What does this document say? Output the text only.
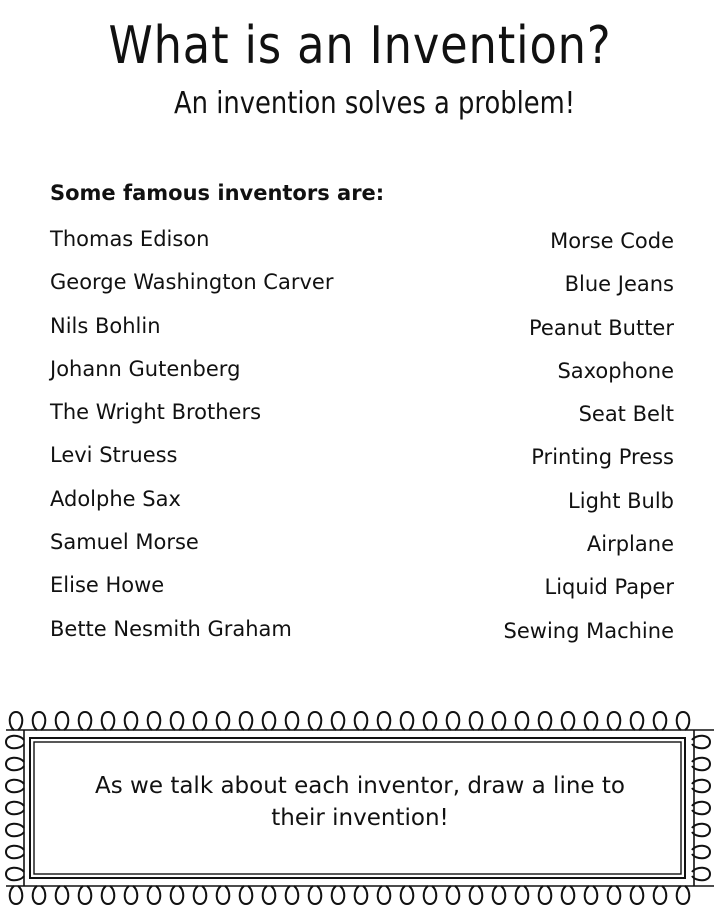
What is an Invention?
An invention solves a problem!
Some famous inventors are:
Thomas Edison
George Washington Carver
Nils Bohlin
Johann Gutenberg
The Wright Brothers
Levi Struess
Adolphe Sax
Samuel Morse
Elise Howe
Bette Nesmith Graham
Morse Code
Blue Jeans
Peanut Butter
Saxophone
Seat Belt
Printing Press
Light Bulb
Airplane
Liquid Paper
Sewing Machine
As we talk about each inventor, draw a line to their invention!
